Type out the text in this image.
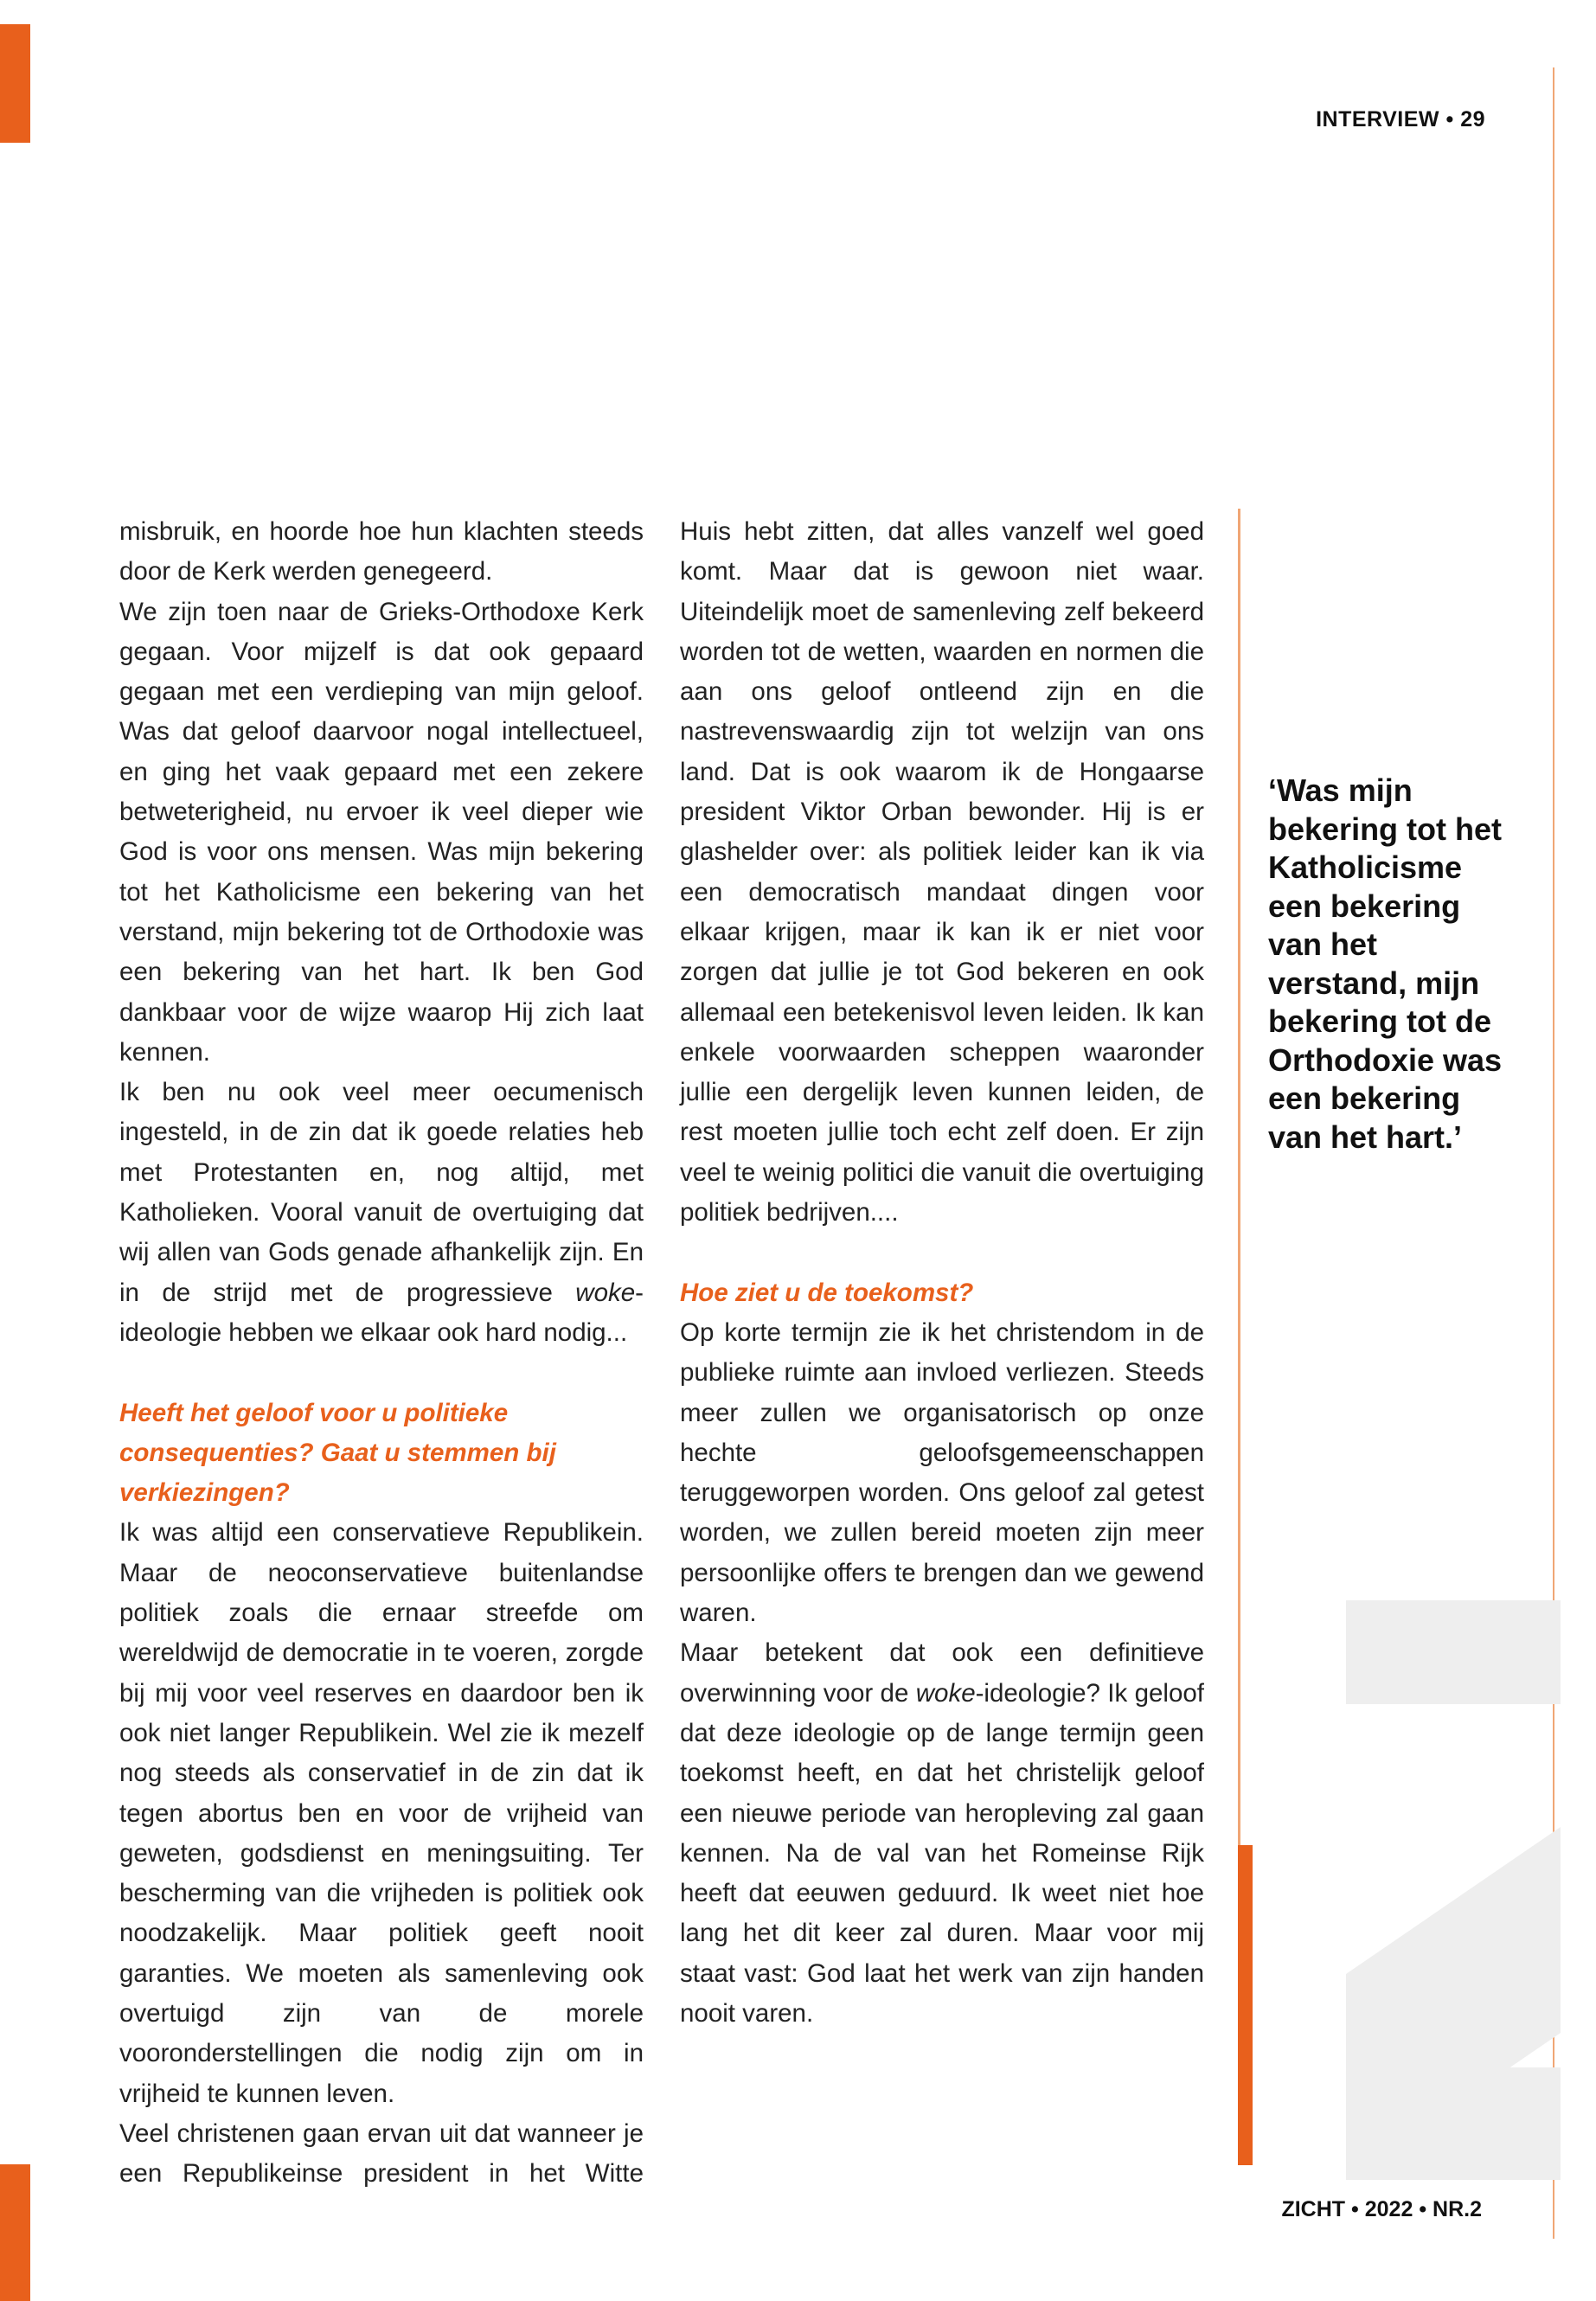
INTERVIEW • 29

misbruik, en hoorde hoe hun klachten steeds door de Kerk werden genegeerd.

We zijn toen naar de Grieks-Orthodoxe Kerk gegaan. Voor mijzelf is dat ook gepaard gegaan met een verdieping van mijn geloof. Was dat geloof daarvoor nogal intellectueel, en ging het vaak gepaard met een zekere betweterigheid, nu ervoer ik veel dieper wie God is voor ons mensen. Was mijn bekering tot het Katholicisme een bekering van het verstand, mijn bekering tot de Orthodoxie was een bekering van het hart. Ik ben God dankbaar voor de wijze waarop Hij zich laat kennen.

Ik ben nu ook veel meer oecumenisch ingesteld, in de zin dat ik goede relaties heb met Protestanten en, nog altijd, met Katholieken. Vooral vanuit de overtuiging dat wij allen van Gods genade afhankelijk zijn. En in de strijd met de progressieve woke-ideologie hebben we elkaar ook hard nodig...

Heeft het geloof voor u politieke consequenties? Gaat u stemmen bij verkiezingen?

Ik was altijd een conservatieve Republikein. Maar de neoconservatieve buitenlandse politiek zoals die ernaar streefde om wereldwijd de democratie in te voeren, zorgde bij mij voor veel reserves en daardoor ben ik ook niet langer Republikein. Wel zie ik mezelf nog steeds als conservatief in de zin dat ik tegen abortus ben en voor de vrijheid van geweten, godsdienst en meningsuiting. Ter bescherming van die vrijheden is politiek ook noodzakelijk. Maar politiek geeft nooit garanties. We moeten als samenleving ook overtuigd zijn van de morele vooronderstellingen die nodig zijn om in vrijheid te kunnen leven.

Veel christenen gaan ervan uit dat wanneer je een Republikeinse president in het Witte

Huis hebt zitten, dat alles vanzelf wel goed komt. Maar dat is gewoon niet waar. Uiteindelijk moet de samenleving zelf bekeerd worden tot de wetten, waarden en normen die aan ons geloof ontleend zijn en die nastrevenswaardig zijn tot welzijn van ons land. Dat is ook waarom ik de Hongaarse president Viktor Orban bewonder. Hij is er glashelder over: als politiek leider kan ik via een democratisch mandaat dingen voor elkaar krijgen, maar ik kan ik er niet voor zorgen dat jullie je tot God bekeren en ook allemaal een betekenisvol leven leiden. Ik kan enkele voorwaarden scheppen waaronder jullie een dergelijk leven kunnen leiden, de rest moeten jullie toch echt zelf doen. Er zijn veel te weinig politici die vanuit die overtuiging politiek bedrijven....

Hoe ziet u de toekomst?

Op korte termijn zie ik het christendom in de publieke ruimte aan invloed verliezen. Steeds meer zullen we organisatorisch op onze hechte geloofsgemeenschappen teruggeworpen worden. Ons geloof zal getest worden, we zullen bereid moeten zijn meer persoonlijke offers te brengen dan we gewend waren.

Maar betekent dat ook een definitieve overwinning voor de woke-ideologie? Ik geloof dat deze ideologie op de lange termijn geen toekomst heeft, en dat het christelijk geloof een nieuwe periode van heropleving zal gaan kennen. Na de val van het Romeinse Rijk heeft dat eeuwen geduurd. Ik weet niet hoe lang het dit keer zal duren. Maar voor mij staat vast: God laat het werk van zijn handen nooit varen.

‘Was mijn bekering tot het Katholicisme een bekering van het verstand, mijn bekering tot de Orthodoxie was een bekering van het hart.’
ZICHT • 2022 • NR.2
